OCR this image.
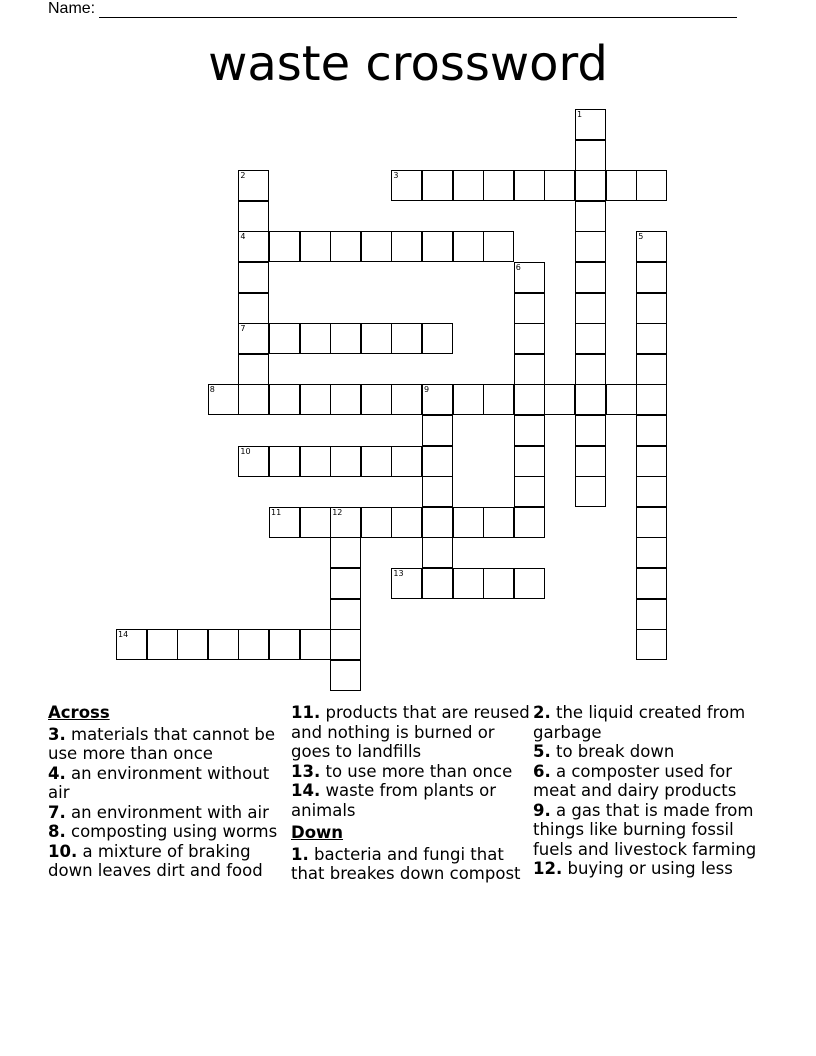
Name:
waste crossword
1
2
4
7
3
5
6
8	9
10
11	12
13
14
Across
3. materials that cannot be use more than once
4. an environment without air
7. an environment with air
8. composting using worms
10. a mixture of braking down leaves dirt and food
11. products that are reused and nothing is burned or goes to landfills
13. to use more than once
14. waste from plants or animals
Down
1. bacteria and fungi that that breakes down compost
2. the liquid created from garbage
5. to break down
6. a composter used for meat and dairy products
9. a gas that is made from things like burning fossil fuels and livestock farming
12. buying or using less
